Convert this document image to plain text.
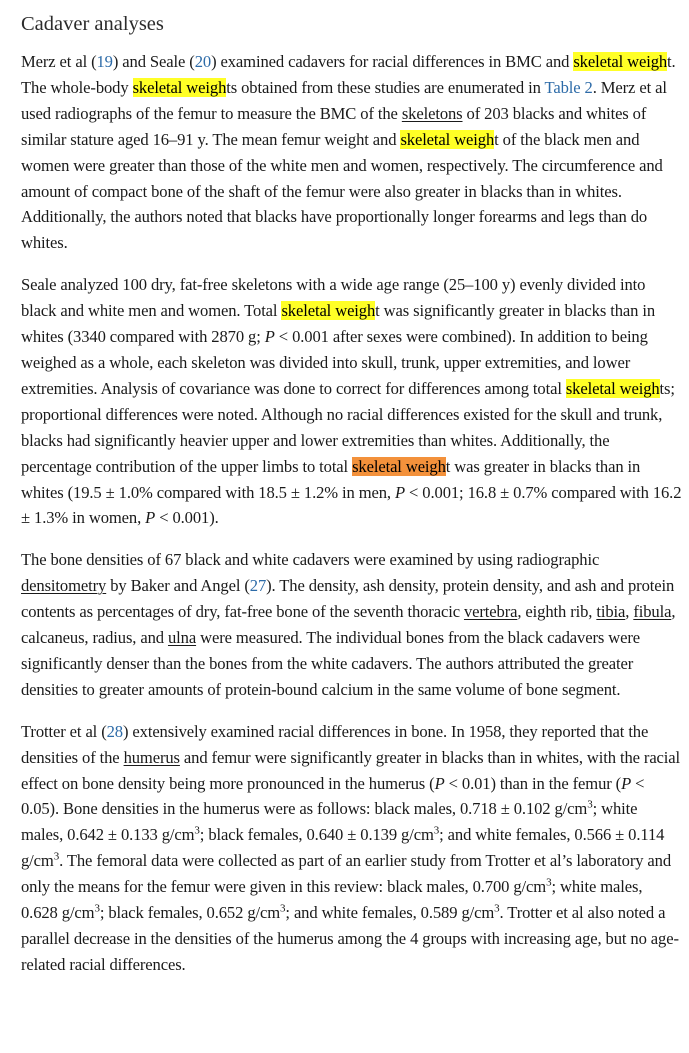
Cadaver analyses

Merz et al (19) and Seale (20) examined cadavers for racial differences in BMC and skeletal weight. The whole-body skeletal weights obtained from these studies are enumerated in Table 2. Merz et al used radiographs of the femur to measure the BMC of the skeletons of 203 blacks and whites of similar stature aged 16–91 y. The mean femur weight and skeletal weight of the black men and women were greater than those of the white men and women, respectively. The circumference and amount of compact bone of the shaft of the femur were also greater in blacks than in whites. Additionally, the authors noted that blacks have proportionally longer forearms and legs than do whites.

Seale analyzed 100 dry, fat-free skeletons with a wide age range (25–100 y) evenly divided into black and white men and women. Total skeletal weight was significantly greater in blacks than in whites (3340 compared with 2870 g; P < 0.001 after sexes were combined). In addition to being weighed as a whole, each skeleton was divided into skull, trunk, upper extremities, and lower extremities. Analysis of covariance was done to correct for differences among total skeletal weights; proportional differences were noted. Although no racial differences existed for the skull and trunk, blacks had significantly heavier upper and lower extremities than whites. Additionally, the percentage contribution of the upper limbs to total skeletal weight was greater in blacks than in whites (19.5 ± 1.0% compared with 18.5 ± 1.2% in men, P < 0.001; 16.8 ± 0.7% compared with 16.2 ± 1.3% in women, P < 0.001).

The bone densities of 67 black and white cadavers were examined by using radiographic densitometry by Baker and Angel (27). The density, ash density, protein density, and ash and protein contents as percentages of dry, fat-free bone of the seventh thoracic vertebra, eighth rib, tibia, fibula, calcaneus, radius, and ulna were measured. The individual bones from the black cadavers were significantly denser than the bones from the white cadavers. The authors attributed the greater densities to greater amounts of protein-bound calcium in the same volume of bone segment.

Trotter et al (28) extensively examined racial differences in bone. In 1958, they reported that the densities of the humerus and femur were significantly greater in blacks than in whites, with the racial effect on bone density being more pronounced in the humerus (P < 0.01) than in the femur (P < 0.05). Bone densities in the humerus were as follows: black males, 0.718 ± 0.102 $g/cm^3$; white males, 0.642 ± 0.133 $g/cm^3$; black females, 0.640 ± 0.139 $g/cm^3$; and white females, 0.566 ± 0.114 $g/cm^3$. The femoral data were collected as part of an earlier study from Trotter et al’s laboratory and only the means for the femur were given in this review: black males, 0.700 $g/cm^3$; white males, 0.628 $g/cm^3$; black females, 0.652 $g/cm^3$; and white females, 0.589 $g/cm^3$. Trotter et al also noted a parallel decrease in the densities of the humerus among the 4 groups with increasing age, but no age-related racial differences.
